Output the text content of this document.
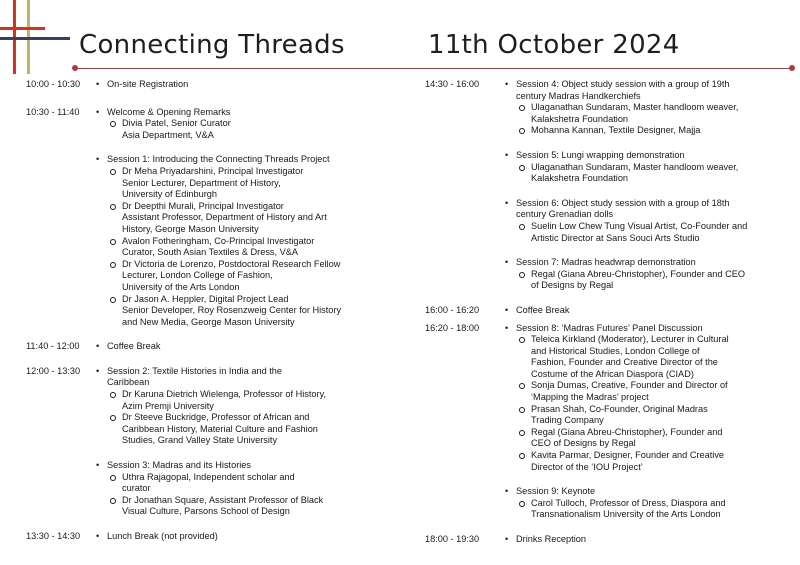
Connecting Threads	11th October 2024
10:00 - 10:30	• On-site Registration
10:30 - 11:40	• Welcome & Opening Remarks
Divia Patel, Senior Curator
Asia Department, V&A
• Session 1: Introducing the Connecting Threads Project
Dr Meha Priyadarshini, Principal Investigator
Senior Lecturer, Department of History,
University of Edinburgh
Dr Deepthi Murali, Principal Investigator
Assistant Professor, Department of History and Art
History, George Mason University
Avalon Fotheringham, Co-Principal Investigator
Curator, South Asian Textiles & Dress, V&A
Dr Victoria de Lorenzo, Postdoctoral Research Fellow
Lecturer, London College of Fashion,
University of the Arts London
Dr Jason A. Heppler, Digital Project Lead
Senior Developer, Roy Rosenzweig Center for History
and New Media, George Mason University
11:40 - 12:00	• Coffee Break
12:00 - 13:30	• Session 2: Textile Histories in India and the
Caribbean
Dr Karuna Dietrich Wielenga, Professor of History,
Azim Premji University
Dr Steeve Buckridge, Professor of African and
Caribbean History, Material Culture and Fashion
Studies, Grand Valley State University
• Session 3: Madras and its Histories
Uthra Rajagopal, Independent scholar and
curator
Dr Jonathan Square, Assistant Professor of Black
Visual Culture, Parsons School of Design
13:30 - 14:30	• Lunch Break (not provided)
14:30 - 16:00	• Session 4: Object study session with a group of 19th
century Madras Handkerchiefs
Ulaganathan Sundaram, Master handloom weaver,
Kalakshetra Foundation
Mohanna Kannan, Textile Designer, Majja
• Session 5: Lungi wrapping demonstration
Ulaganathan Sundaram, Master handloom weaver,
Kalakshetra Foundation
• Session 6: Object study session with a group of 18th
century Grenadian dolls
Suelin Low Chew Tung Visual Artist, Co-Founder and
Artistic Director at Sans Souci Arts Studio
• Session 7: Madras headwrap demonstration
Regal (Giana Abreu-Christopher), Founder and CEO
of Designs by Regal
16:00 - 16:20	• Coffee Break
16:20 - 18:00	• Session 8: ‘Madras Futures’ Panel Discussion
Teleica Kirkland (Moderator), Lecturer in Cultural
and Historical Studies, London College of
Fashion, Founder and Creative Director of the
Costume of the African Diaspora (CIAD)
Sonja Dumas, Creative, Founder and Director of
‘Mapping the Madras’ project
Prasan Shah, Co-Founder, Original Madras
Trading Company
Regal (Giana Abreu-Christopher), Founder and
CEO of Designs by Regal
Kavita Parmar, Designer, Founder and Creative
Director of the ‘IOU Project’
• Session 9: Keynote
Carol Tulloch, Professor of Dress, Diaspora and
Transnationalism University of the Arts London
18:00 - 19:30	• Drinks Reception
